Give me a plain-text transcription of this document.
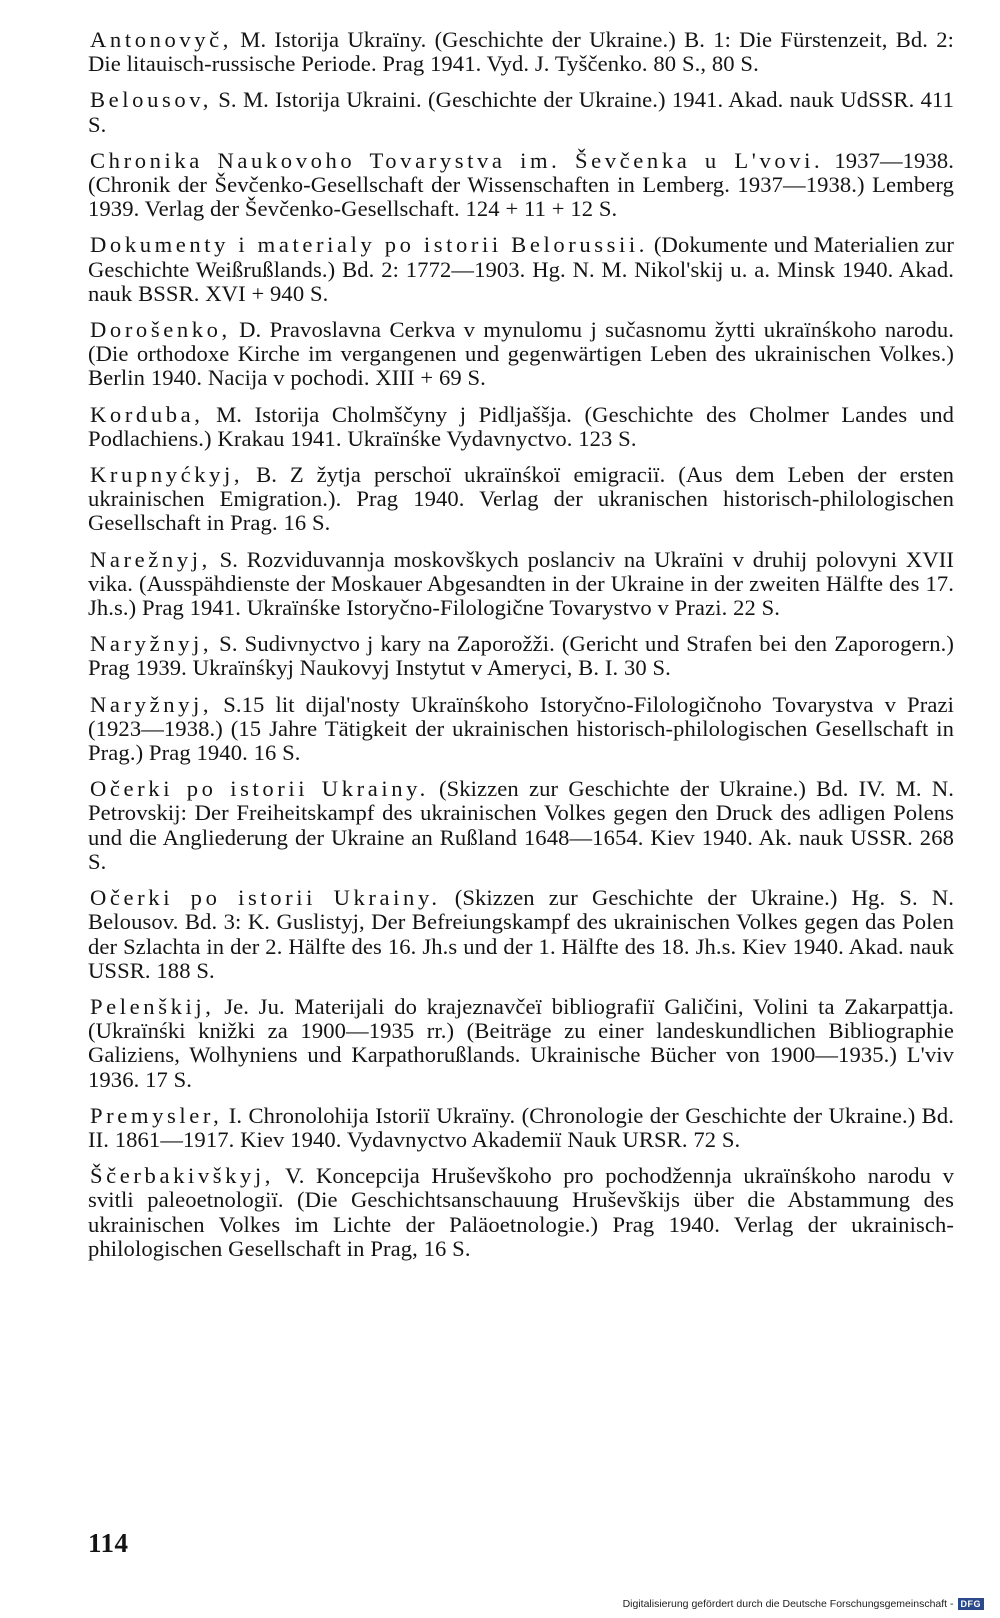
Antonovyč, M. Istorija Ukraïny. (Geschichte der Ukraine.) B. 1: Die Fürstenzeit, Bd. 2: Die litauisch-russische Periode. Prag 1941. Vyd. J. Tyščenko. 80 S., 80 S.

Belousov, S. M. Istorija Ukraini. (Geschichte der Ukraine.) 1941. Akad. nauk UdSSR. 411 S.

Chronika Naukovoho Tovarystva im. Ševčenka u L'vovi. 1937—1938. (Chronik der Ševčenko-Gesellschaft der Wissenschaften in Lemberg. 1937—1938.) Lemberg 1939. Verlag der Ševčenko-Gesellschaft. 124 + 11 + 12 S.

Dokumenty i materialy po istorii Belorussii. (Dokumente und Materialien zur Geschichte Weißrußlands.) Bd. 2: 1772—1903. Hg. N. M. Nikol'skij u. a. Minsk 1940. Akad. nauk BSSR. XVI + 940 S.

Dorošenko, D. Pravoslavna Cerkva v mynulomu j sučasnomu žytti ukraïnśkoho narodu. (Die orthodoxe Kirche im vergangenen und gegenwärtigen Leben des ukrainischen Volkes.) Berlin 1940. Nacija v pochodi. XIII + 69 S.

Korduba, M. Istorija Cholmščyny j Pidljaššja. (Geschichte des Cholmer Landes und Podlachiens.) Krakau 1941. Ukraïnśke Vydavnyctvo. 123 S.

Krupnyćkyj, B. Z žytja perschoï ukraïnśkoï emigraciï. (Aus dem Leben der ersten ukrainischen Emigration.). Prag 1940. Verlag der ukranischen historisch-philologischen Gesellschaft in Prag. 16 S.

Narežnyj, S. Rozviduvannja moskovškych poslanciv na Ukraïni v druhij polovyni XVII vika. (Ausspähdienste der Moskauer Abgesandten in der Ukraine in der zweiten Hälfte des 17. Jh.s.) Prag 1941. Ukraïnśke Istoryčno-Filologične Tovarystvo v Prazi. 22 S.

Naryžnyj, S. Sudivnyctvo j kary na Zaporožži. (Gericht und Strafen bei den Zaporogern.) Prag 1939. Ukraïnśkyj Naukovyj Instytut v Ameryci, B. I. 30 S.

Naryžnyj, S.15 lit dijal'nosty Ukraïnśkoho Istoryčno-Filologičnoho Tovarystva v Prazi (1923—1938.) (15 Jahre Tätigkeit der ukrainischen historisch-philologischen Gesellschaft in Prag.) Prag 1940. 16 S.

Očerki po istorii Ukrainy. (Skizzen zur Geschichte der Ukraine.) Bd. IV. M. N. Petrovskij: Der Freiheitskampf des ukrainischen Volkes gegen den Druck des adligen Polens und die Angliederung der Ukraine an Rußland 1648—1654. Kiev 1940. Ak. nauk USSR. 268 S.

Očerki po istorii Ukrainy. (Skizzen zur Geschichte der Ukraine.) Hg. S. N. Belousov. Bd. 3: K. Guslistyj, Der Befreiungskampf des ukrainischen Volkes gegen das Polen der Szlachta in der 2. Hälfte des 16. Jh.s und der 1. Hälfte des 18. Jh.s. Kiev 1940. Akad. nauk USSR. 188 S.

Pelenškij, Je. Ju. Materijali do krajeznavčeï bibliografiï Galičini, Volini ta Zakarpattja. (Ukraïnśki knižki za 1900—1935 rr.) (Beiträge zu einer landeskundlichen Bibliographie Galiziens, Wolhyniens und Karpathorußlands. Ukrainische Bücher von 1900—1935.) L'viv 1936. 17 S.

Premysler, I. Chronolohija Istoriï Ukraïny. (Chronologie der Geschichte der Ukraine.) Bd. II. 1861—1917. Kiev 1940. Vydavnyctvo Akademiï Nauk URSR. 72 S.

Ščerbakivškyj, V. Koncepcija Hruševškoho pro pochodžennja ukraïnśkoho narodu v svitli paleoetnologiï. (Die Geschichtsanschauung Hruševškijs über die Abstammung des ukrainischen Volkes im Lichte der Paläoetnologie.) Prag 1940. Verlag der ukrainisch-philologischen Gesellschaft in Prag, 16 S.

114
Digitalisierung gefördert durch die Deutsche Forschungsgemeinschaft - DFG
